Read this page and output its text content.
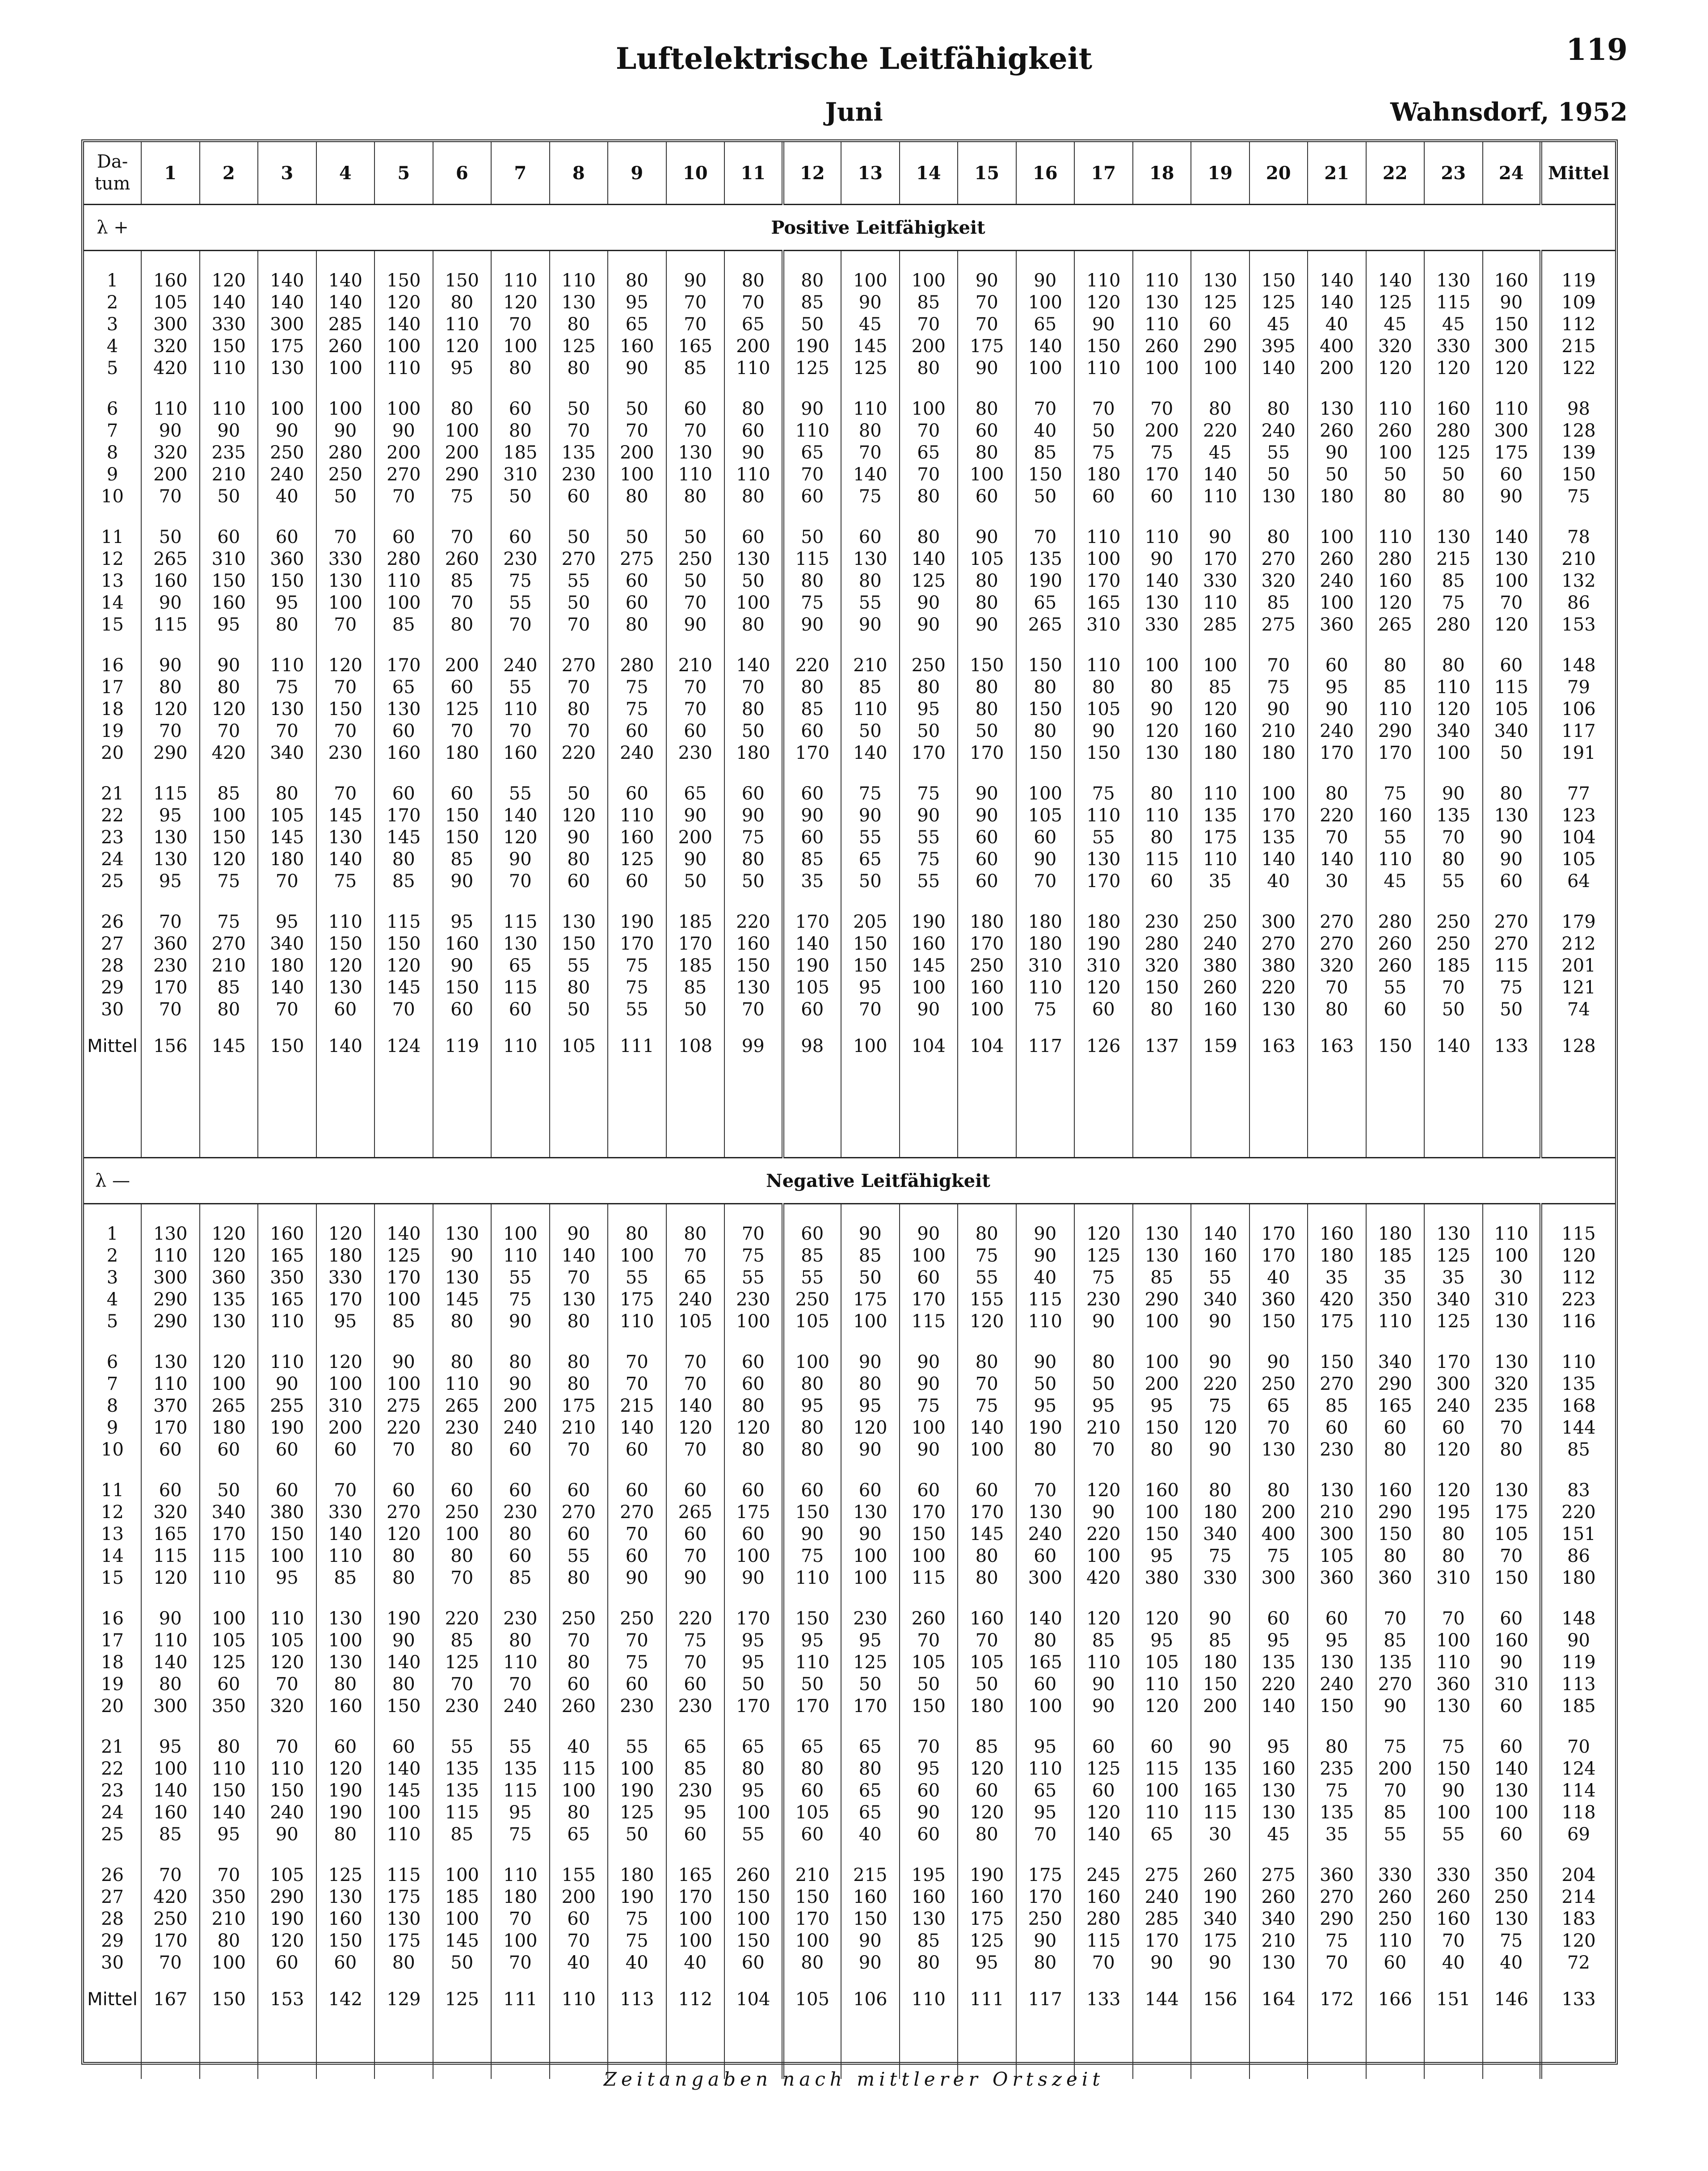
Luftelektrische Leitfähigkeit	119
Juni	Wahnsdorf, 1952
Da-
tum	1	2	3	4	5	6	7	8	9	10	11	12	13	14	15	16	17	18	19	20	21	22	23	24	Mittel
λ +	Positive Leitfähigkeit																								

1	160	120	140	140	150	150	110	110	80	90	80	80	100	100	90	90	110	110	130	150	140	140	130	160	119
2	105	140	140	140	120	80	120	130	95	70	70	85	90	85	70	100	120	130	125	125	140	125	115	90	109
3	300	330	300	285	140	110	70	80	65	70	65	50	45	70	70	65	90	110	60	45	40	45	45	150	112
4	320	150	175	260	100	120	100	125	160	165	200	190	145	200	175	140	150	260	290	395	400	320	330	300	215
5	420	110	130	100	110	95	80	80	90	85	110	125	125	80	90	100	110	100	100	140	200	120	120	120	122

6	110	110	100	100	100	80	60	50	50	60	80	90	110	100	80	70	70	70	80	80	130	110	160	110	98
7	90	90	90	90	90	100	80	70	70	70	60	110	80	70	60	40	50	200	220	240	260	260	280	300	128
8	320	235	250	280	200	200	185	135	200	130	90	65	70	65	80	85	75	75	45	55	90	100	125	175	139
9	200	210	240	250	270	290	310	230	100	110	110	70	140	70	100	150	180	170	140	50	50	50	50	60	150
10	70	50	40	50	70	75	50	60	80	80	80	60	75	80	60	50	60	60	110	130	180	80	80	90	75

11	50	60	60	70	60	70	60	50	50	50	60	50	60	80	90	70	110	110	90	80	100	110	130	140	78
12	265	310	360	330	280	260	230	270	275	250	130	115	130	140	105	135	100	90	170	270	260	280	215	130	210
13	160	150	150	130	110	85	75	55	60	50	50	80	80	125	80	190	170	140	330	320	240	160	85	100	132
14	90	160	95	100	100	70	55	50	60	70	100	75	55	90	80	65	165	130	110	85	100	120	75	70	86
15	115	95	80	70	85	80	70	70	80	90	80	90	90	90	90	265	310	330	285	275	360	265	280	120	153

16	90	90	110	120	170	200	240	270	280	210	140	220	210	250	150	150	110	100	100	70	60	80	80	60	148
17	80	80	75	70	65	60	55	70	75	70	70	80	85	80	80	80	80	80	85	75	95	85	110	115	79
18	120	120	130	150	130	125	110	80	75	70	80	85	110	95	80	150	105	90	120	90	90	110	120	105	106
19	70	70	70	70	60	70	70	70	60	60	50	60	50	50	50	80	90	120	160	210	240	290	340	340	117
20	290	420	340	230	160	180	160	220	240	230	180	170	140	170	170	150	150	130	180	180	170	170	100	50	191

21	115	85	80	70	60	60	55	50	60	65	60	60	75	75	90	100	75	80	110	100	80	75	90	80	77
22	95	100	105	145	170	150	140	120	110	90	90	90	90	90	90	105	110	110	135	170	220	160	135	130	123
23	130	150	145	130	145	150	120	90	160	200	75	60	55	55	60	60	55	80	175	135	70	55	70	90	104
24	130	120	180	140	80	85	90	80	125	90	80	85	65	75	60	90	130	115	110	140	140	110	80	90	105
25	95	75	70	75	85	90	70	60	60	50	50	35	50	55	60	70	170	60	35	40	30	45	55	60	64

26	70	75	95	110	115	95	115	130	190	185	220	170	205	190	180	180	180	230	250	300	270	280	250	270	179
27	360	270	340	150	150	160	130	150	170	170	160	140	150	160	170	180	190	280	240	270	270	260	250	270	212
28	230	210	180	120	120	90	65	55	75	185	150	190	150	145	250	310	310	320	380	380	320	260	185	115	201
29	170	85	140	130	145	150	115	80	75	85	130	105	95	100	160	110	120	150	260	220	70	55	70	75	121
30	70	80	70	60	70	60	60	50	55	50	70	60	70	90	100	75	60	80	160	130	80	60	50	50	74
Mittel	156	145	150	140	124	119	110	105	111	108	99	98	100	104	104	117	126	137	159	163	163	150	140	133	128

λ —	Negative Leitfähigkeit																								

1	130	120	160	120	140	130	100	90	80	80	70	60	90	90	80	90	120	130	140	170	160	180	130	110	115
2	110	120	165	180	125	90	110	140	100	70	75	85	85	100	75	90	125	130	160	170	180	185	125	100	120
3	300	360	350	330	170	130	55	70	55	65	55	55	50	60	55	40	75	85	55	40	35	35	35	30	112
4	290	135	165	170	100	145	75	130	175	240	230	250	175	170	155	115	230	290	340	360	420	350	340	310	223
5	290	130	110	95	85	80	90	80	110	105	100	105	100	115	120	110	90	100	90	150	175	110	125	130	116

6	130	120	110	120	90	80	80	80	70	70	60	100	90	90	80	90	80	100	90	90	150	340	170	130	110
7	110	100	90	100	100	110	90	80	70	70	60	80	80	90	70	50	50	200	220	250	270	290	300	320	135
8	370	265	255	310	275	265	200	175	215	140	80	95	95	75	75	95	95	95	75	65	85	165	240	235	168
9	170	180	190	200	220	230	240	210	140	120	120	80	120	100	140	190	210	150	120	70	60	60	60	70	144
10	60	60	60	60	70	80	60	70	60	70	80	80	90	90	100	80	70	80	90	130	230	80	120	80	85

11	60	50	60	70	60	60	60	60	60	60	60	60	60	60	60	70	120	160	80	80	130	160	120	130	83
12	320	340	380	330	270	250	230	270	270	265	175	150	130	170	170	130	90	100	180	200	210	290	195	175	220
13	165	170	150	140	120	100	80	60	70	60	60	90	90	150	145	240	220	150	340	400	300	150	80	105	151
14	115	115	100	110	80	80	60	55	60	70	100	75	100	100	80	60	100	95	75	75	105	80	80	70	86
15	120	110	95	85	80	70	85	80	90	90	90	110	100	115	80	300	420	380	330	300	360	360	310	150	180

16	90	100	110	130	190	220	230	250	250	220	170	150	230	260	160	140	120	120	90	60	60	70	70	60	148
17	110	105	105	100	90	85	80	70	70	75	95	95	95	70	70	80	85	95	85	95	95	85	100	160	90
18	140	125	120	130	140	125	110	80	75	70	95	110	125	105	105	165	110	105	180	135	130	135	110	90	119
19	80	60	70	80	80	70	70	60	60	60	50	50	50	50	50	60	90	110	150	220	240	270	360	310	113
20	300	350	320	160	150	230	240	260	230	230	170	170	170	150	180	100	90	120	200	140	150	90	130	60	185

21	95	80	70	60	60	55	55	40	55	65	65	65	65	70	85	95	60	60	90	95	80	75	75	60	70
22	100	110	110	120	140	135	135	115	100	85	80	80	80	95	120	110	125	115	135	160	235	200	150	140	124
23	140	150	150	190	145	135	115	100	190	230	95	60	65	60	60	65	60	100	165	130	75	70	90	130	114
24	160	140	240	190	100	115	95	80	125	95	100	105	65	90	120	95	120	110	115	130	135	85	100	100	118
25	85	95	90	80	110	85	75	65	50	60	55	60	40	60	80	70	140	65	30	45	35	55	55	60	69

26	70	70	105	125	115	100	110	155	180	165	260	210	215	195	190	175	245	275	260	275	360	330	330	350	204
27	420	350	290	130	175	185	180	200	190	170	150	150	160	160	160	170	160	240	190	260	270	260	260	250	214
28	250	210	190	160	130	100	70	60	75	100	100	170	150	130	175	250	280	285	340	340	290	250	160	130	183
29	170	80	120	150	175	145	100	70	75	100	150	100	90	85	125	90	115	170	175	210	75	110	70	75	120
30	70	100	60	60	80	50	70	40	40	40	60	80	90	80	95	80	70	90	90	130	70	60	40	40	72
Mittel	167	150	153	142	129	125	111	110	113	112	104	105	106	110	111	117	133	144	156	164	172	166	151	146	133

Zeitangaben nach mittlerer Ortszeit
